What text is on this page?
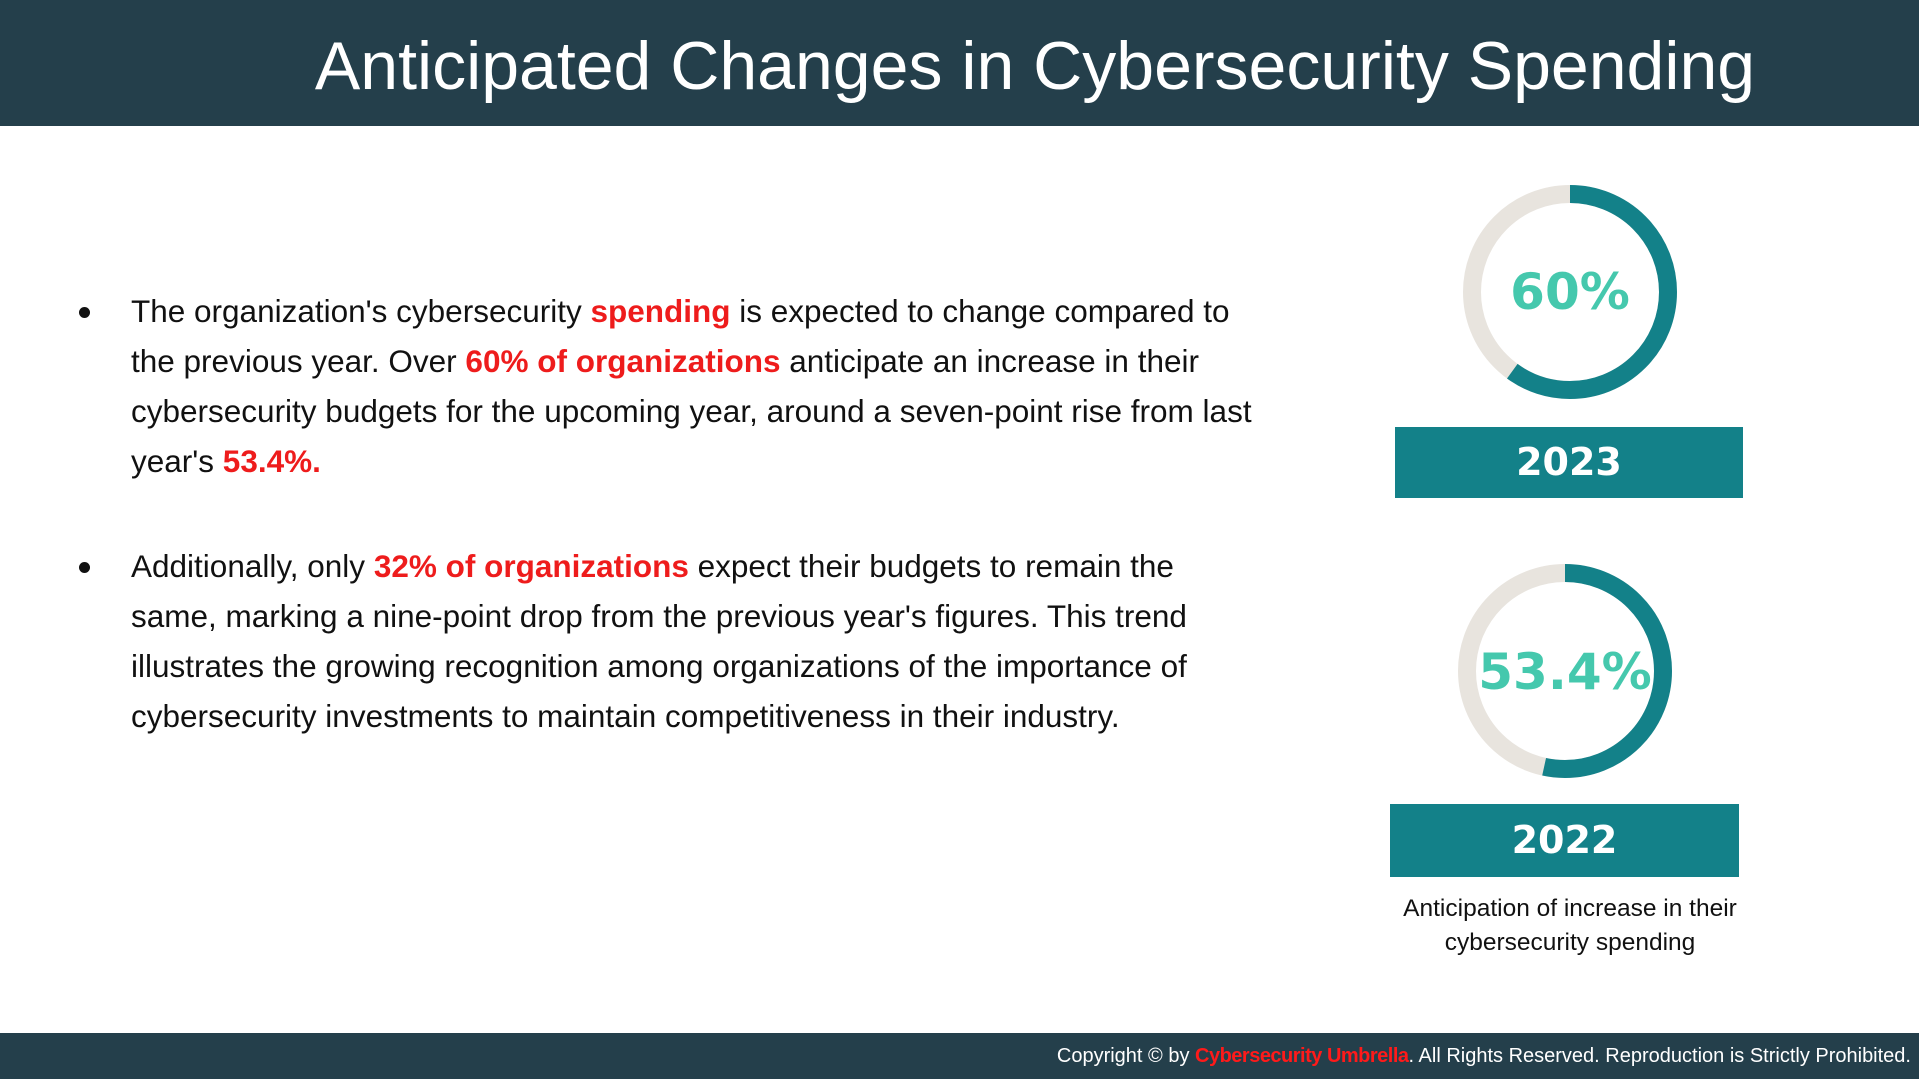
Anticipated Changes in Cybersecurity Spending
The organization's cybersecurity spending is expected to change compared to the previous year. Over 60% of organizations anticipate an increase in their cybersecurity budgets for the upcoming year, around a seven-point rise from last year's 53.4%.
Additionally, only 32% of organizations expect their budgets to remain the same, marking a nine-point drop from the previous year's figures. This trend illustrates the growing recognition among organizations of the importance of cybersecurity investments to maintain competitiveness in their industry.
60%
2023
53.4%
2022
Anticipation of increase in their cybersecurity spending
Copyright © by Cybersecurity Umbrella. All Rights Reserved. Reproduction is Strictly Prohibited.
